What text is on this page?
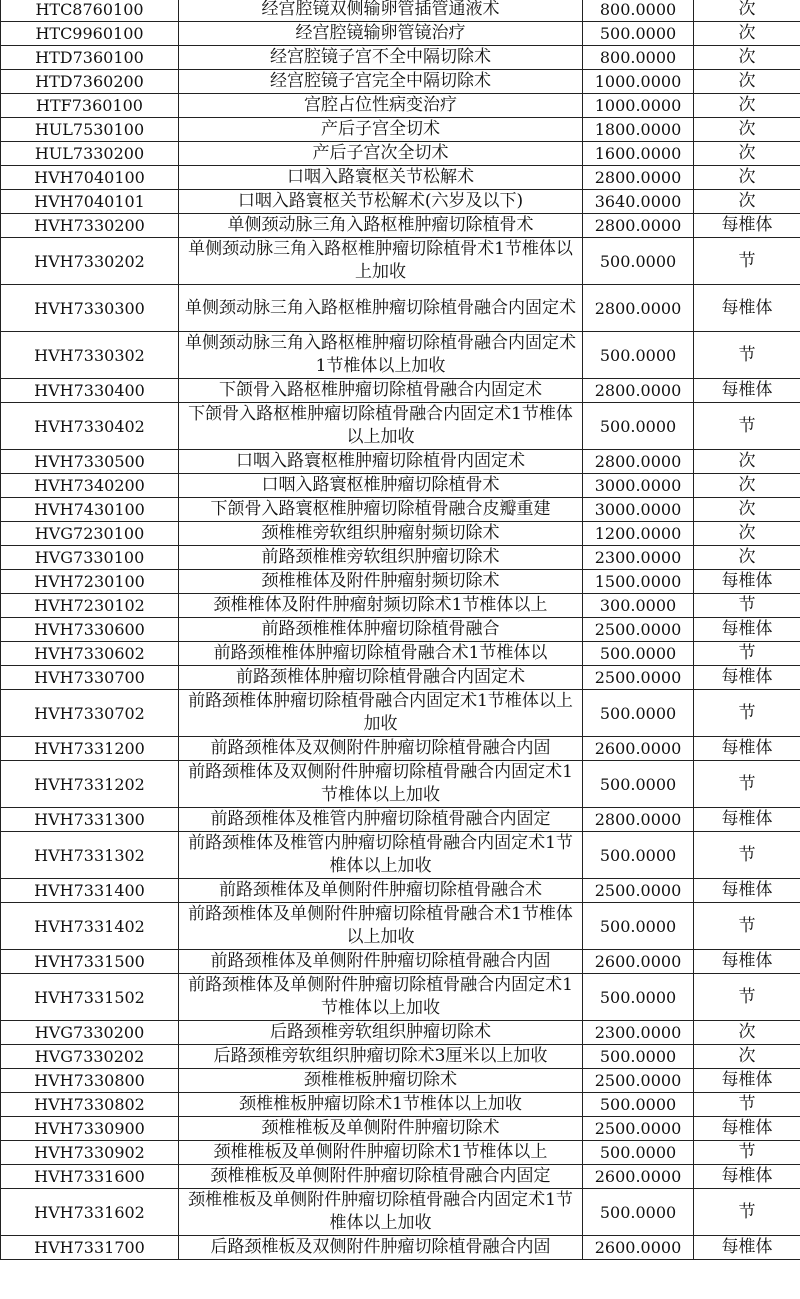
HTC8760100	经宫腔镜双侧输卵管插管通液术	800.0000	次
HTC9960100	经宫腔镜输卵管镜治疗	500.0000	次
HTD7360100	经宫腔镜子宫不全中隔切除术	800.0000	次
HTD7360200	经宫腔镜子宫完全中隔切除术	1000.0000	次
HTF7360100	宫腔占位性病变治疗	1000.0000	次
HUL7530100	产后子宫全切术	1800.0000	次
HUL7330200	产后子宫次全切术	1600.0000	次
HVH7040100	口咽入路寰枢关节松解术	2800.0000	次
HVH7040101	口咽入路寰枢关节松解术(六岁及以下)	3640.0000	次
HVH7330200	单侧颈动脉三角入路枢椎肿瘤切除植骨术	2800.0000	每椎体
HVH7330202	单侧颈动脉三角入路枢椎肿瘤切除植骨术1节椎体以上加收	500.0000	节
HVH7330300	单侧颈动脉三角入路枢椎肿瘤切除植骨融合内固定术	2800.0000	每椎体
HVH7330302	单侧颈动脉三角入路枢椎肿瘤切除植骨融合内固定术1节椎体以上加收	500.0000	节
HVH7330400	下颌骨入路枢椎肿瘤切除植骨融合内固定术	2800.0000	每椎体
HVH7330402	下颌骨入路枢椎肿瘤切除植骨融合内固定术1节椎体以上加收	500.0000	节
HVH7330500	口咽入路寰枢椎肿瘤切除植骨内固定术	2800.0000	次
HVH7340200	口咽入路寰枢椎肿瘤切除植骨术	3000.0000	次
HVH7430100	下颌骨入路寰枢椎肿瘤切除植骨融合皮瓣重建	3000.0000	次
HVG7230100	颈椎椎旁软组织肿瘤射频切除术	1200.0000	次
HVG7330100	前路颈椎椎旁软组织肿瘤切除术	2300.0000	次
HVH7230100	颈椎椎体及附件肿瘤射频切除术	1500.0000	每椎体
HVH7230102	颈椎椎体及附件肿瘤射频切除术1节椎体以上	300.0000	节
HVH7330600	前路颈椎椎体肿瘤切除植骨融合	2500.0000	每椎体
HVH7330602	前路颈椎椎体肿瘤切除植骨融合术1节椎体以	500.0000	节
HVH7330700	前路颈椎体肿瘤切除植骨融合内固定术	2500.0000	每椎体
HVH7330702	前路颈椎体肿瘤切除植骨融合内固定术1节椎体以上加收	500.0000	节
HVH7331200	前路颈椎体及双侧附件肿瘤切除植骨融合内固	2600.0000	每椎体
HVH7331202	前路颈椎体及双侧附件肿瘤切除植骨融合内固定术1节椎体以上加收	500.0000	节
HVH7331300	前路颈椎体及椎管内肿瘤切除植骨融合内固定	2800.0000	每椎体
HVH7331302	前路颈椎体及椎管内肿瘤切除植骨融合内固定术1节椎体以上加收	500.0000	节
HVH7331400	前路颈椎体及单侧附件肿瘤切除植骨融合术	2500.0000	每椎体
HVH7331402	前路颈椎体及单侧附件肿瘤切除植骨融合术1节椎体以上加收	500.0000	节
HVH7331500	前路颈椎体及单侧附件肿瘤切除植骨融合内固	2600.0000	每椎体
HVH7331502	前路颈椎体及单侧附件肿瘤切除植骨融合内固定术1节椎体以上加收	500.0000	节
HVG7330200	后路颈椎旁软组织肿瘤切除术	2300.0000	次
HVG7330202	后路颈椎旁软组织肿瘤切除术3厘米以上加收	500.0000	次
HVH7330800	颈椎椎板肿瘤切除术	2500.0000	每椎体
HVH7330802	颈椎椎板肿瘤切除术1节椎体以上加收	500.0000	节
HVH7330900	颈椎椎板及单侧附件肿瘤切除术	2500.0000	每椎体
HVH7330902	颈椎椎板及单侧附件肿瘤切除术1节椎体以上	500.0000	节
HVH7331600	颈椎椎板及单侧附件肿瘤切除植骨融合内固定	2600.0000	每椎体
HVH7331602	颈椎椎板及单侧附件肿瘤切除植骨融合内固定术1节椎体以上加收	500.0000	节
HVH7331700	后路颈椎板及双侧附件肿瘤切除植骨融合内固	2600.0000	每椎体
